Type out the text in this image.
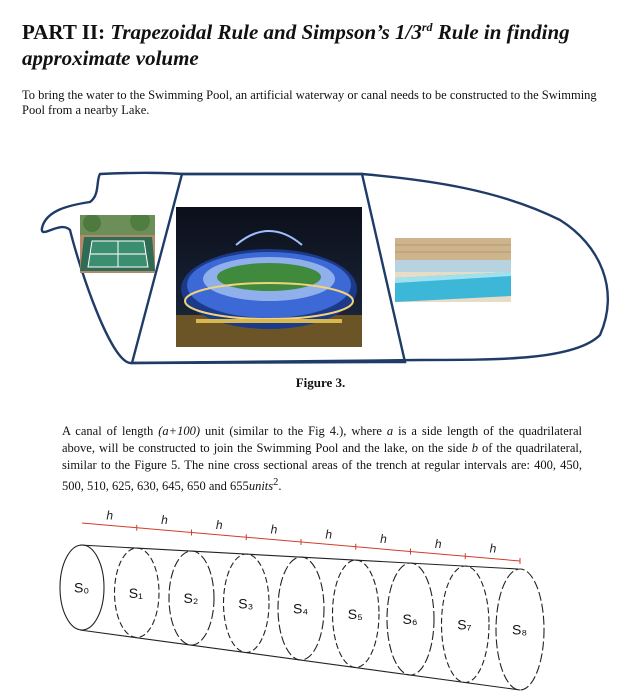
PART II: Trapezoidal Rule and Simpson’s 1/3rd Rule in finding approximate volume
To bring the water to the Swimming Pool, an artificial waterway or canal needs to be constructed to the Swimming Pool from a nearby Lake.
Figure 3.
A canal of length (a+100) unit (similar to the Fig 4.), where a is a side length of the quadrilateral above, will be constructed to join the Swimming Pool and the lake, on the side b of the quadrilateral, similar to the Figure 5. The nine cross sectional areas of the trench at regular intervals are: 400, 450, 500, 510, 625, 630, 645, 650 and 655units$^2$.
S₀	S₁	S₂	S₃	S₄	S₅	S₆	S₇	S₈
h	h	h	h	h	h	h	h
